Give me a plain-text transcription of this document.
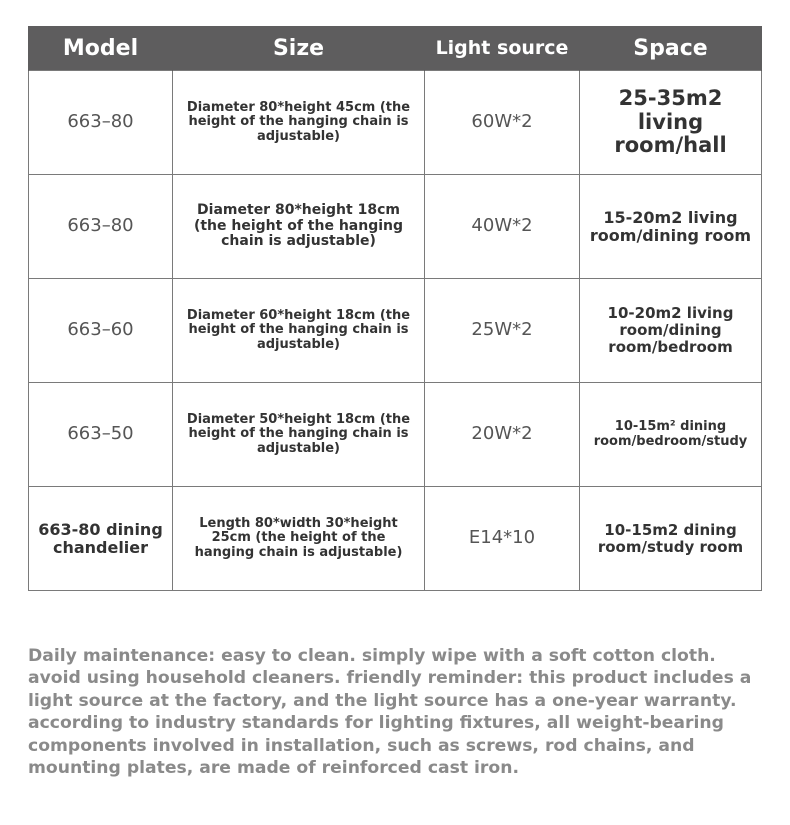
Model	Size	Light source	Space
663–80	Diameter 80*height 45cm (the height of the hanging chain is adjustable)	60W*2	25-35m2 living room/hall
663–80	Diameter 80*height 18cm (the height of the hanging chain is adjustable)	40W*2	15-20m2 living room/dining room
663–60	Diameter 60*height 18cm (the height of the hanging chain is adjustable)	25W*2	10-20m2 living room/dining room/bedroom
663–50	Diameter 50*height 18cm (the height of the hanging chain is adjustable)	20W*2	10-15m² dining room/bedroom/study
663-80 dining chandelier	Length 80*width 30*height 25cm (the height of the hanging chain is adjustable)	E14*10	10-15m2 dining room/study room

Daily maintenance: easy to clean. simply wipe with a soft cotton cloth. avoid using household cleaners. friendly reminder: this product includes a light source at the factory, and the light source has a one-year warranty. according to industry standards for lighting fixtures, all weight-bearing components involved in installation, such as screws, rod chains, and mounting plates, are made of reinforced cast iron.
